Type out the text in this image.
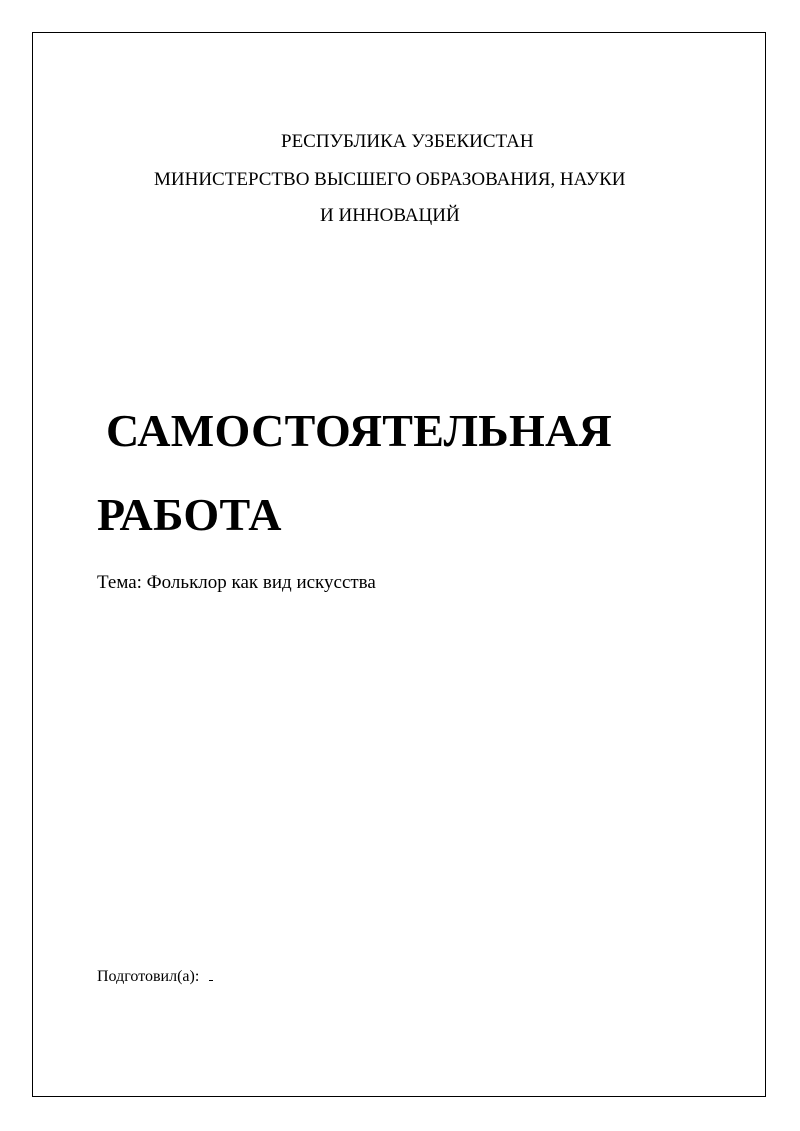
РЕСПУБЛИКА УЗБЕКИСТАН
МИНИСТЕРСТВО ВЫСШЕГО ОБРАЗОВАНИЯ, НАУКИ
И ИННОВАЦИЙ
САМОСТОЯТЕЛЬНАЯ
РАБОТА
Тема: Фольклор как вид искусства
Подготовил(а):
